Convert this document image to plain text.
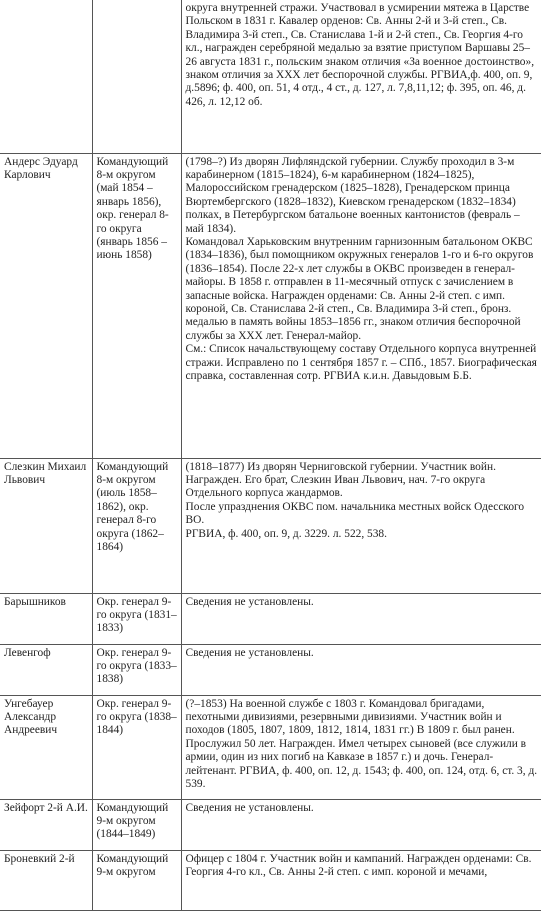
		округа внутренней стражи. Участвовал в усмирении мятежа в Царстве Польском в 1831 г. Кавалер орденов: Св. Анны 2-й и 3-й степ., Св. Владимира 3-й степ., Св. Станислава 1-й и 2-й степ., Св. Георгия 4-го кл., награжден серебряной медалью за взятие приступом Варшавы 25–26 августа 1831 г., польским знаком отличия «За военное достоинство», знаком отличия за XXX лет беспорочной службы. РГВИА,ф. 400, оп. 9, д.5896; ф. 400, оп. 51, 4 отд., 4 ст., д. 127, л. 7,8,11,12; ф. 395, оп. 46, д. 426, л. 12,12 об.

Андерс Эдуард Карлович	Командующий 8-м округом (май 1854 – январь 1856), окр. генерал 8-го округа (январь 1856 – июнь 1858)	(1798–?) Из дворян Лифляндской губернии. Службу проходил в 3-м карабинерном (1815–1824), 6-м карабинерном (1824–1825), Малороссийском гренадерском (1825–1828), Гренадерском принца Вюртембергского (1828–1832), Киевском гренадерском (1832–1834) полках, в Петербургском батальоне военных кантонистов (февраль – май 1834).

Командовал Харьковским внутренним гарнизонным батальоном ОКВС (1834–1836), был помощником окружных генералов 1-го и 6-го округов (1836–1854). После 22-х лет службы в ОКВС произведен в генерал-майоры. В 1858 г. отправлен в 11-месячный отпуск с зачислением в запасные войска. Награжден орденами: Св. Анны 2-й степ. с имп. короной, Св. Станислава 2-й степ., Св. Владимира 3-й степ., бронз. медалью в память войны 1853–1856 гг., знаком отличия беспорочной службы за XXX лет. Генерал-майор.

См.: Список начальствующему составу Отдельного корпуса внутренней стражи. Исправлено по 1 сентября 1857 г. – СПб., 1857. Биографическая справка, составленная сотр. РГВИА к.и.н. Давыдовым Б.Б.

Слезкин Михаил Львович	Командующий 8-м округом (июль 1858–1862), окр. генерал 8-го округа (1862–1864)	(1818–1877) Из дворян Черниговской губернии. Участник войн. Награжден. Его брат, Слезкин Иван Львович, нач. 7-го округа Отдельного корпуса жандармов.

После упразднения ОКВС пом. начальника местных войск Одесского ВО.

РГВИА, ф. 400, оп. 9, д. 3229. л. 522, 538.

Барышников	Окр. генерал 9-го округа (1831–1833)	Сведения не установлены.

Левенгоф	Окр. генерал 9-го округа (1833–1838)	Сведения не установлены.

Унгебауер Александр Андреевич	Окр. генерал 9-го округа (1838–1844)	(?–1853) На военной службе с 1803 г. Командовал бригадами, пехотными дивизиями, резервными дивизиями. Участник войн и походов (1805, 1807, 1809, 1812, 1814, 1831 гг.) В 1809 г. был ранен. Прослужил 50 лет. Награжден. Имел четырех сыновей (все служили в армии, один из них погиб на Кавказе в 1857 г.) и дочь. Генерал-лейтенант. РГВИА, ф. 400, оп. 12, д. 1543; ф. 400, оп. 124, отд. 6, ст. 3, д. 539.

Зейфорт 2-й А.И.	Командующий 9-м округом (1844–1849)	Сведения не установлены.

Броневкий 2-й	Командующий 9-м округом	Офицер с 1804 г. Участник войн и кампаний. Награжден орденами: Св. Георгия 4-го кл., Св. Анны 2-й степ. с имп. короной и мечами,
